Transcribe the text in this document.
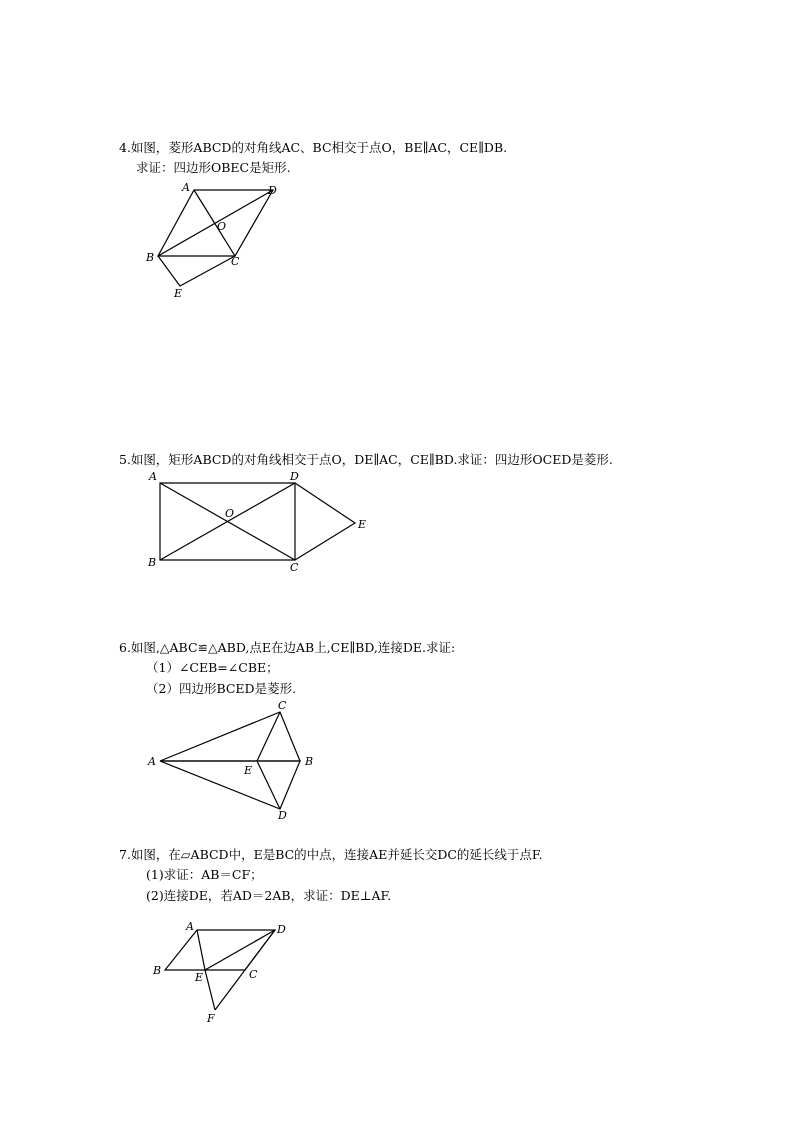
4.如图，菱形ABCD的对角线AC、BC相交于点O，BE∥AC，CE∥DB.
求证：四边形OBEC是矩形.
A	D
O
B	C
E
5.如图，矩形ABCD的对角线相交于点O，DE∥AC，CE∥BD.求证：四边形OCED是菱形.
A	D
O
E
B	C
6.如图,△ABC≌△ABD,点E在边AB上,CE∥BD,连接DE.求证:
（1）∠CEB=∠CBE；
（2）四边形BCED是菱形.
C
A
E
B
D
7.如图，在▱ABCD中，E是BC的中点，连接AE并延长交DC的延长线于点F.
(1)求证：AB＝CF；
(2)连接DE，若AD＝2AB，求证：DE⊥AF.
A	D
B
E	C
F
